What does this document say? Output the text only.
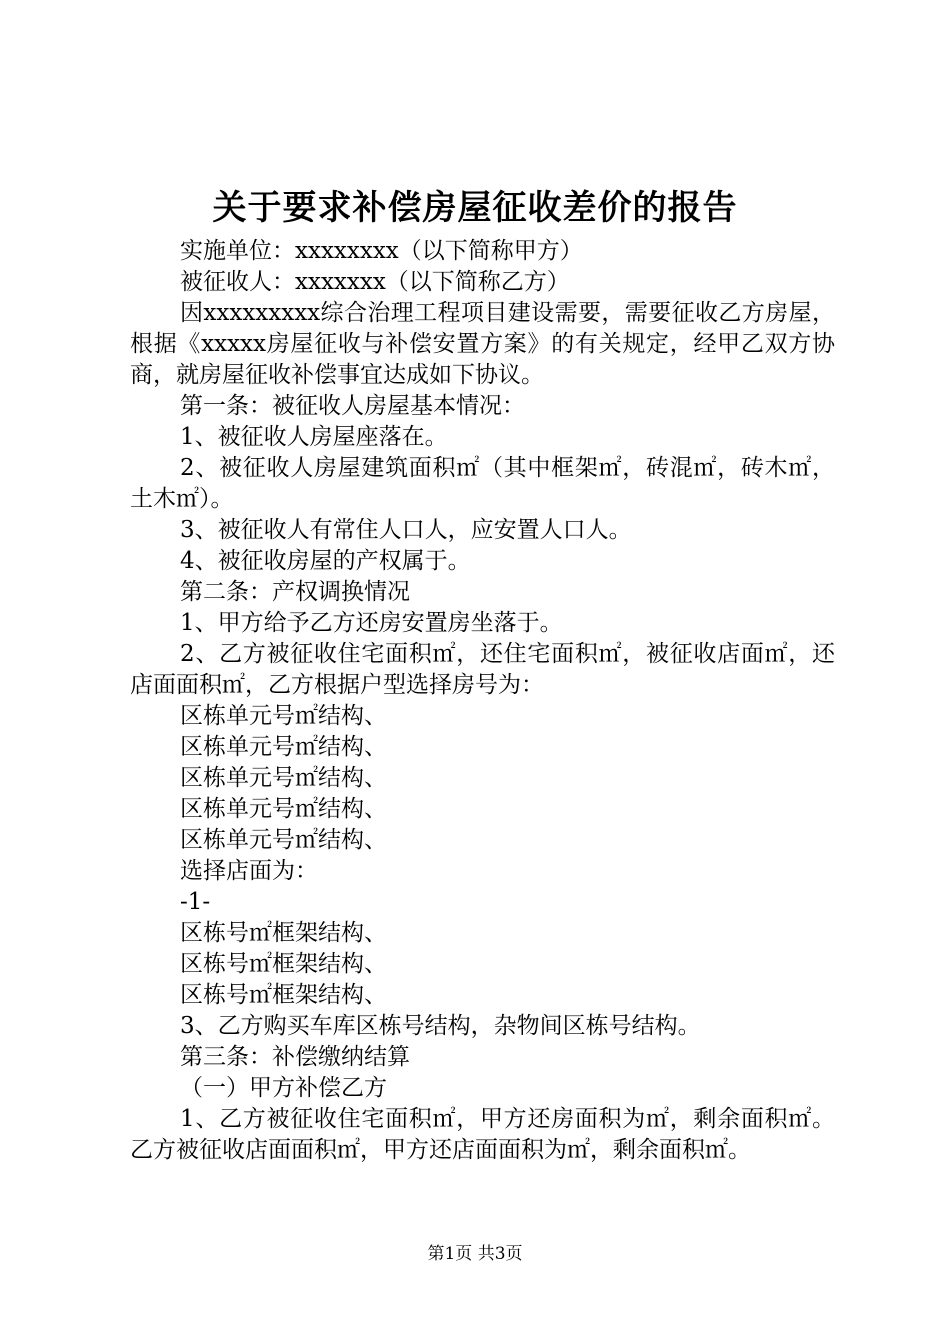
关于要求补偿房屋征收差价的报告

实施单位：xxxxxxxx（以下简称甲方）

被征收人：xxxxxxx（以下简称乙方）

因xxxxxxxxx综合治理工程项目建设需要，需要征收乙方房屋，根据《xxxxx房屋征收与补偿安置方案》的有关规定，经甲乙双方协商，就房屋征收补偿事宜达成如下协议。

第一条：被征收人房屋基本情况：

1、被征收人房屋座落在。

2、被征收人房屋建筑面积㎡（其中框架㎡，砖混㎡，砖木㎡，土木㎡）。

3、被征收人有常住人口人，应安置人口人。

4、被征收房屋的产权属于。

第二条：产权调换情况

1、甲方给予乙方还房安置房坐落于。

2、乙方被征收住宅面积㎡，还住宅面积㎡，被征收店面㎡，还店面面积㎡，乙方根据户型选择房号为：

区栋单元号㎡结构、

区栋单元号㎡结构、

区栋单元号㎡结构、

区栋单元号㎡结构、

区栋单元号㎡结构、

选择店面为：

-1-

区栋号㎡框架结构、

区栋号㎡框架结构、

区栋号㎡框架结构、

3、乙方购买车库区栋号结构，杂物间区栋号结构。

第三条：补偿缴纳结算

（一）甲方补偿乙方

1、乙方被征收住宅面积㎡，甲方还房面积为㎡，剩余面积㎡。乙方被征收店面面积㎡，甲方还店面面积为㎡，剩余面积㎡。

第1页 共3页
